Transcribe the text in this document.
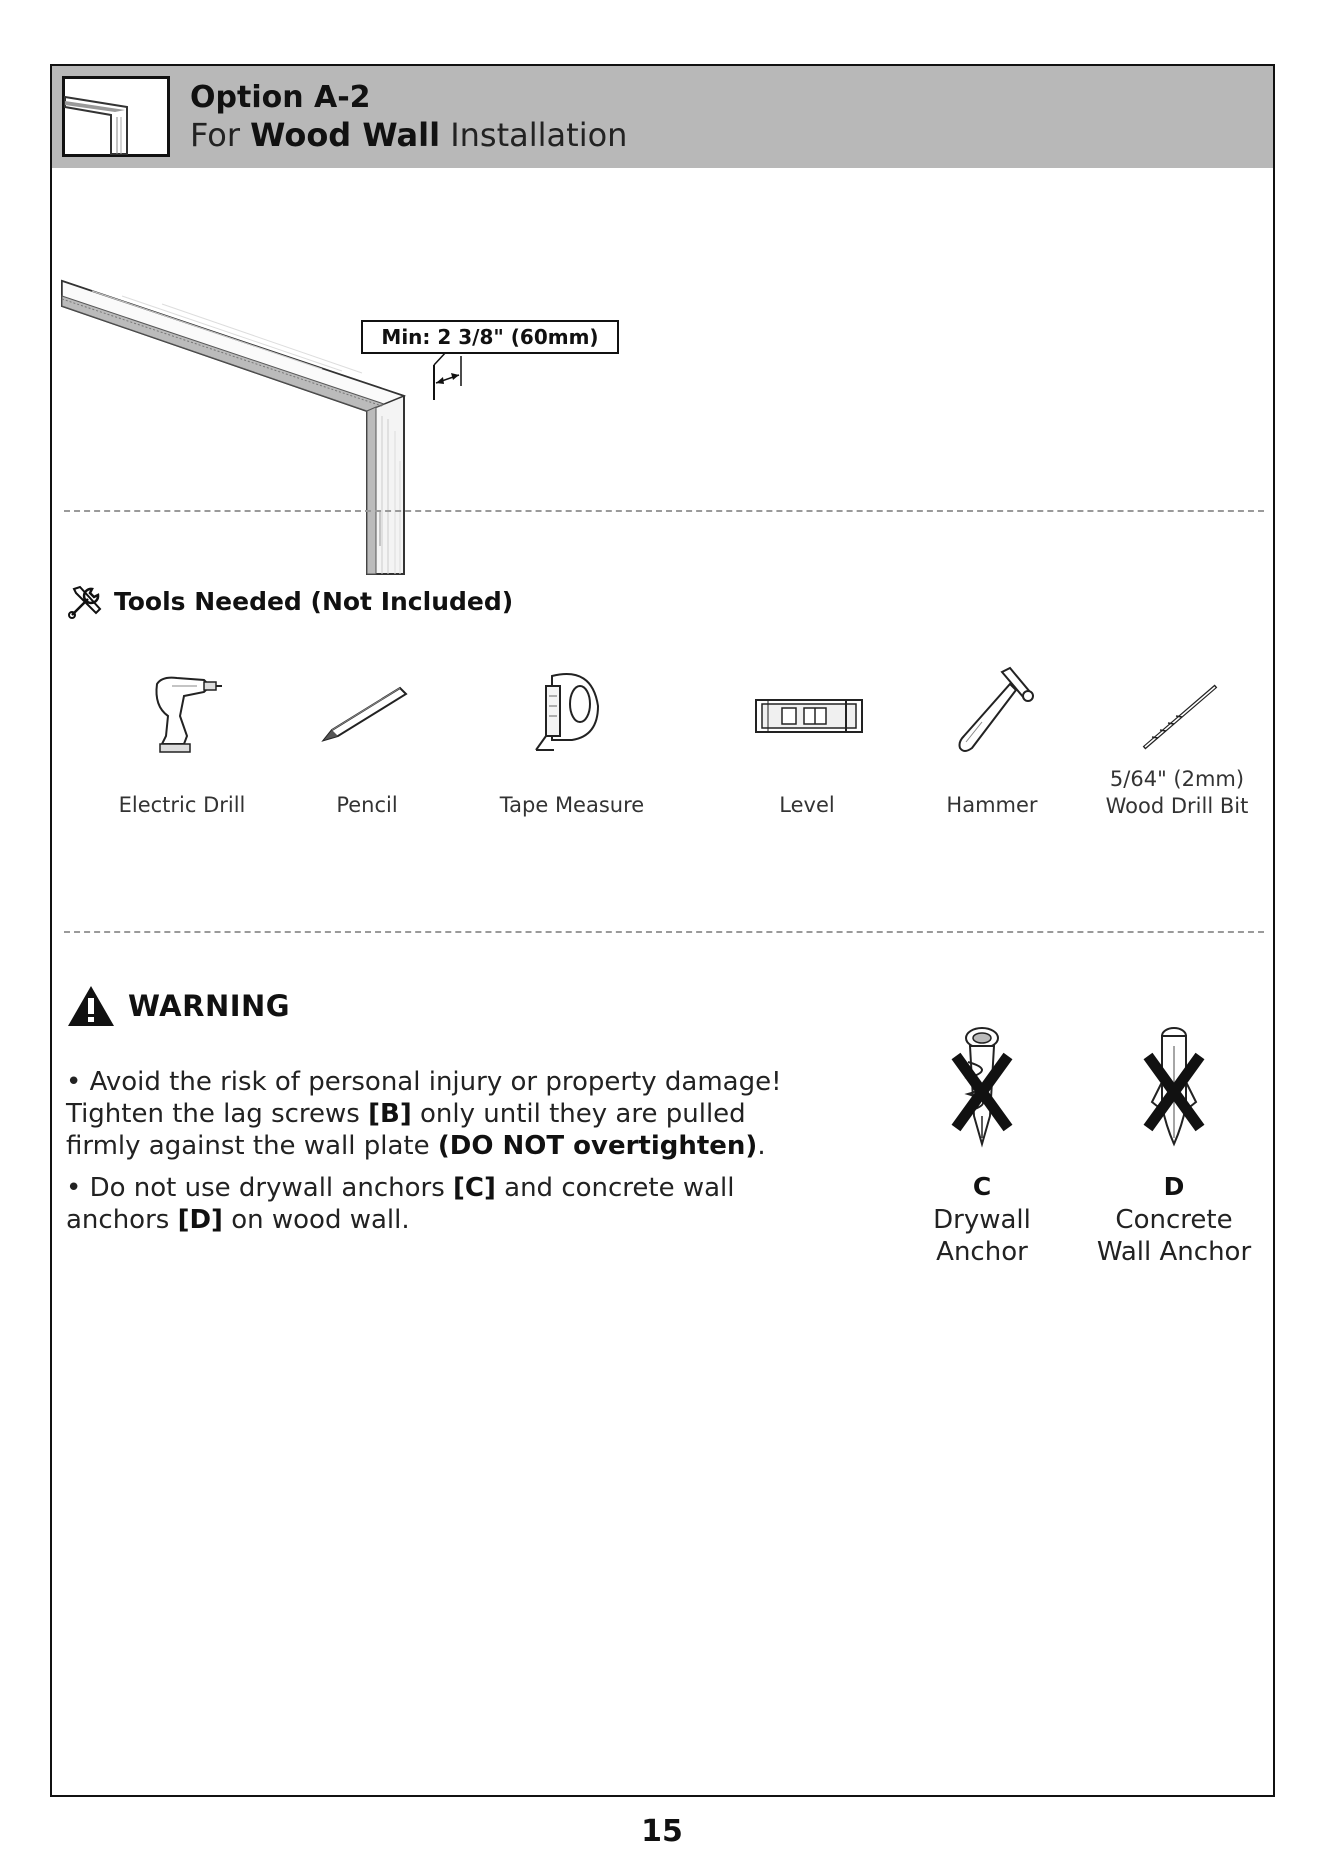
Option A-2
For Wood Wall Installation
Min: 2 3/8" (60mm)
Tools Needed (Not Included)
Electric Drill	Pencil	Tape Measure	Level	Hammer
5/64" (2mm)
Wood Drill Bit
WARNING

• Avoid the risk of personal injury or property damage!

Tighten the lag screws [B] only until they are pulled

firmly against the wall plate (DO NOT overtighten).

• Do not use drywall anchors [C] and concrete wall

anchors [D] on wood wall.

C
Drywall
Anchor
D
Concrete
Wall Anchor
15
